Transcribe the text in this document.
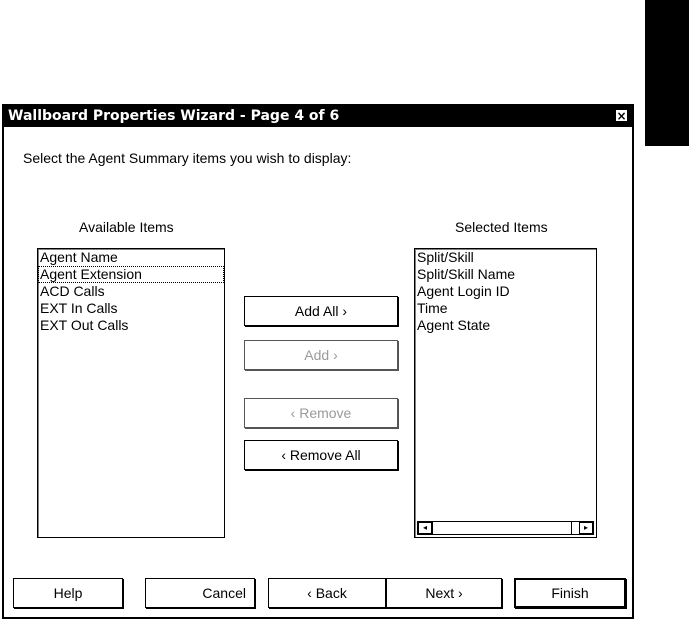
Wallboard Properties Wizard - Page 4 of 6	×
Select the Agent Summary items you wish to display:
Available Items	Selected Items
Agent Name
Agent Extension
ACD Calls
EXT In Calls
EXT Out Calls
Split/Skill
Split/Skill Name
Agent Login ID
Time
Agent State
◂	▸
Add All ›
Add ›
‹ Remove
‹ Remove All
Help	Cancel	‹ Back	Next ›	Finish
